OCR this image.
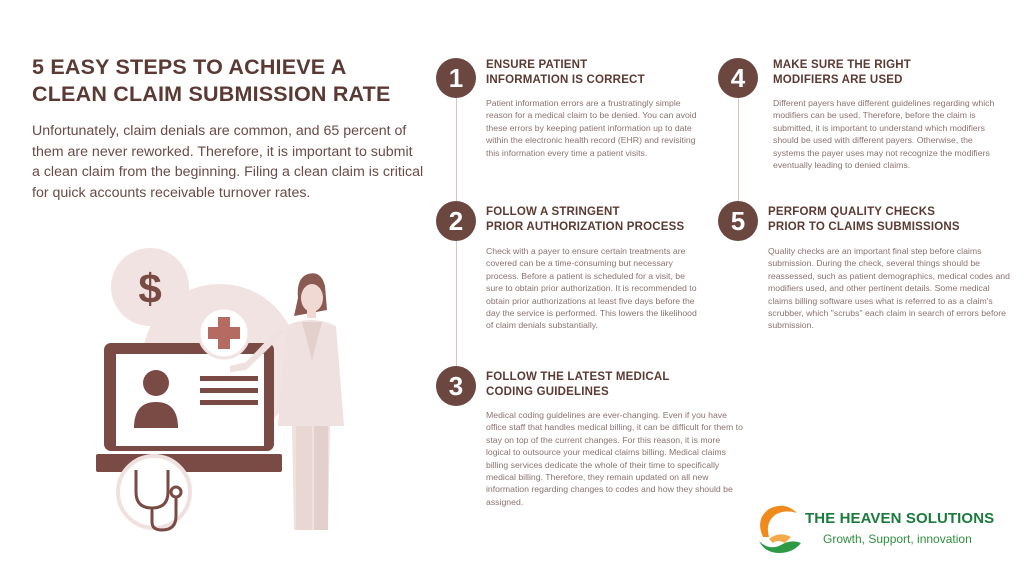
5 EASY STEPS TO ACHIEVE A
CLEAN CLAIM SUBMISSION RATE

Unfortunately, claim denials are common, and 65 percent of them are never reworked. Therefore, it is important to submit a clean claim from the beginning. Filing a clean claim is critical for quick accounts receivable turnover rates.

$
1	ENSURE PATIENT
INFORMATION IS CORRECT

Patient information errors are a frustratingly simple reason for a medical claim to be denied. You can avoid these errors by keeping patient information up to date within the electronic health record (EHR) and revisiting this information every time a patient visits.

2	FOLLOW A STRINGENT
PRIOR AUTHORIZATION PROCESS

Check with a payer to ensure certain treatments are covered can be a time-consuming but necessary process. Before a patient is scheduled for a visit, be sure to obtain prior authorization. It is recommended to obtain prior authorizations at least five days before the day the service is performed. This lowers the likelihood of claim denials substantially.

3	FOLLOW THE LATEST MEDICAL
CODING GUIDELINES

Medical coding guidelines are ever-changing. Even if you have office staff that handles medical billing, it can be difficult for them to stay on top of the current changes. For this reason, it is more logical to outsource your medical claims billing. Medical claims billing services dedicate the whole of their time to specifically medical billing. Therefore, they remain updated on all new information regarding changes to codes and how they should be assigned.

4	MAKE SURE THE RIGHT
MODIFIERS ARE USED

Different payers have different guidelines regarding which modifiers can be used. Therefore, before the claim is submitted, it is important to understand which modifiers should be used with different payers. Otherwise, the systems the payer uses may not recognize the modifiers eventually leading to denied claims.

5	PERFORM QUALITY CHECKS
PRIOR TO CLAIMS SUBMISSIONS

Quality checks are an important final step before claims submission. During the check, several things should be reassessed, such as patient demographics, medical codes and modifiers used, and other pertinent details. Some medical claims billing software uses what is referred to as a claim's scrubber, which "scrubs" each claim in search of errors before submission.

THE HEAVEN SOLUTIONS

Growth, Support, innovation
